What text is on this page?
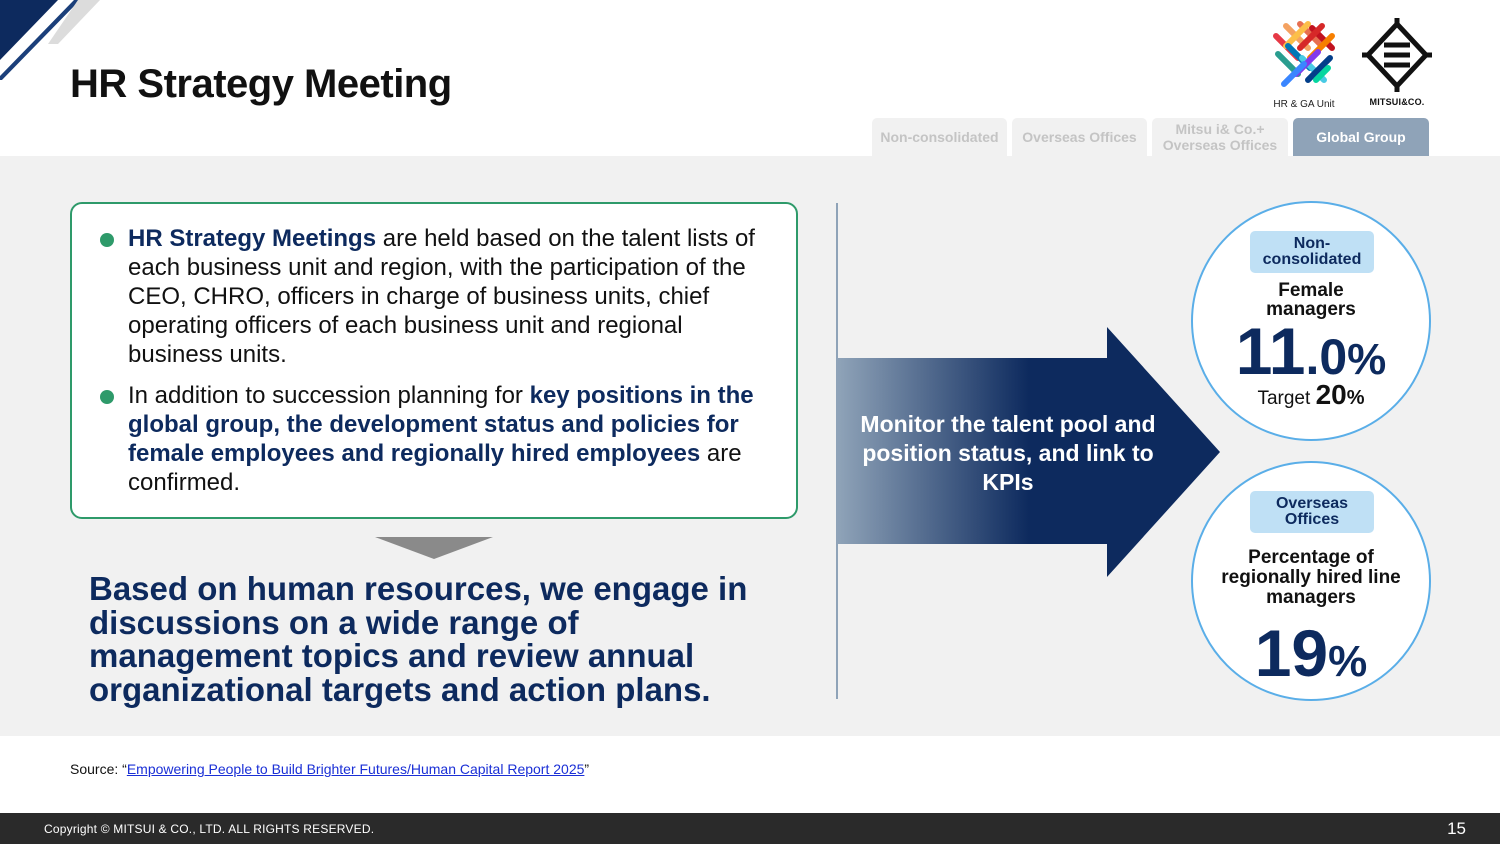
HR Strategy Meeting	HR & GA Unit	MITSUI&CO.
Non-consolidated	Overseas Offices	Mitsu i& Co.+ Overseas Offices	Global Group
HR Strategy Meetings are held based on the talent lists of each business unit and region, with the participation of the CEO, CHRO, officers in charge of business units, chief operating officers of each business unit and regional business units.
In addition to succession planning for key positions in the global group, the development status and policies for female employees and regionally hired employees are confirmed.
Based on human resources, we engage in discussions on a wide range of management topics and review annual organizational targets and action plans.
Monitor the talent pool and position status, and link to KPIs
Non-consolidated
Female managers
11.0%
Target 20%
Overseas Offices
Percentage of regionally hired line managers
19%
Source: “Empowering People to Build Brighter Futures/Human Capital Report 2025”
Copyright © MITSUI & CO., LTD. ALL RIGHTS RESERVED.	15
